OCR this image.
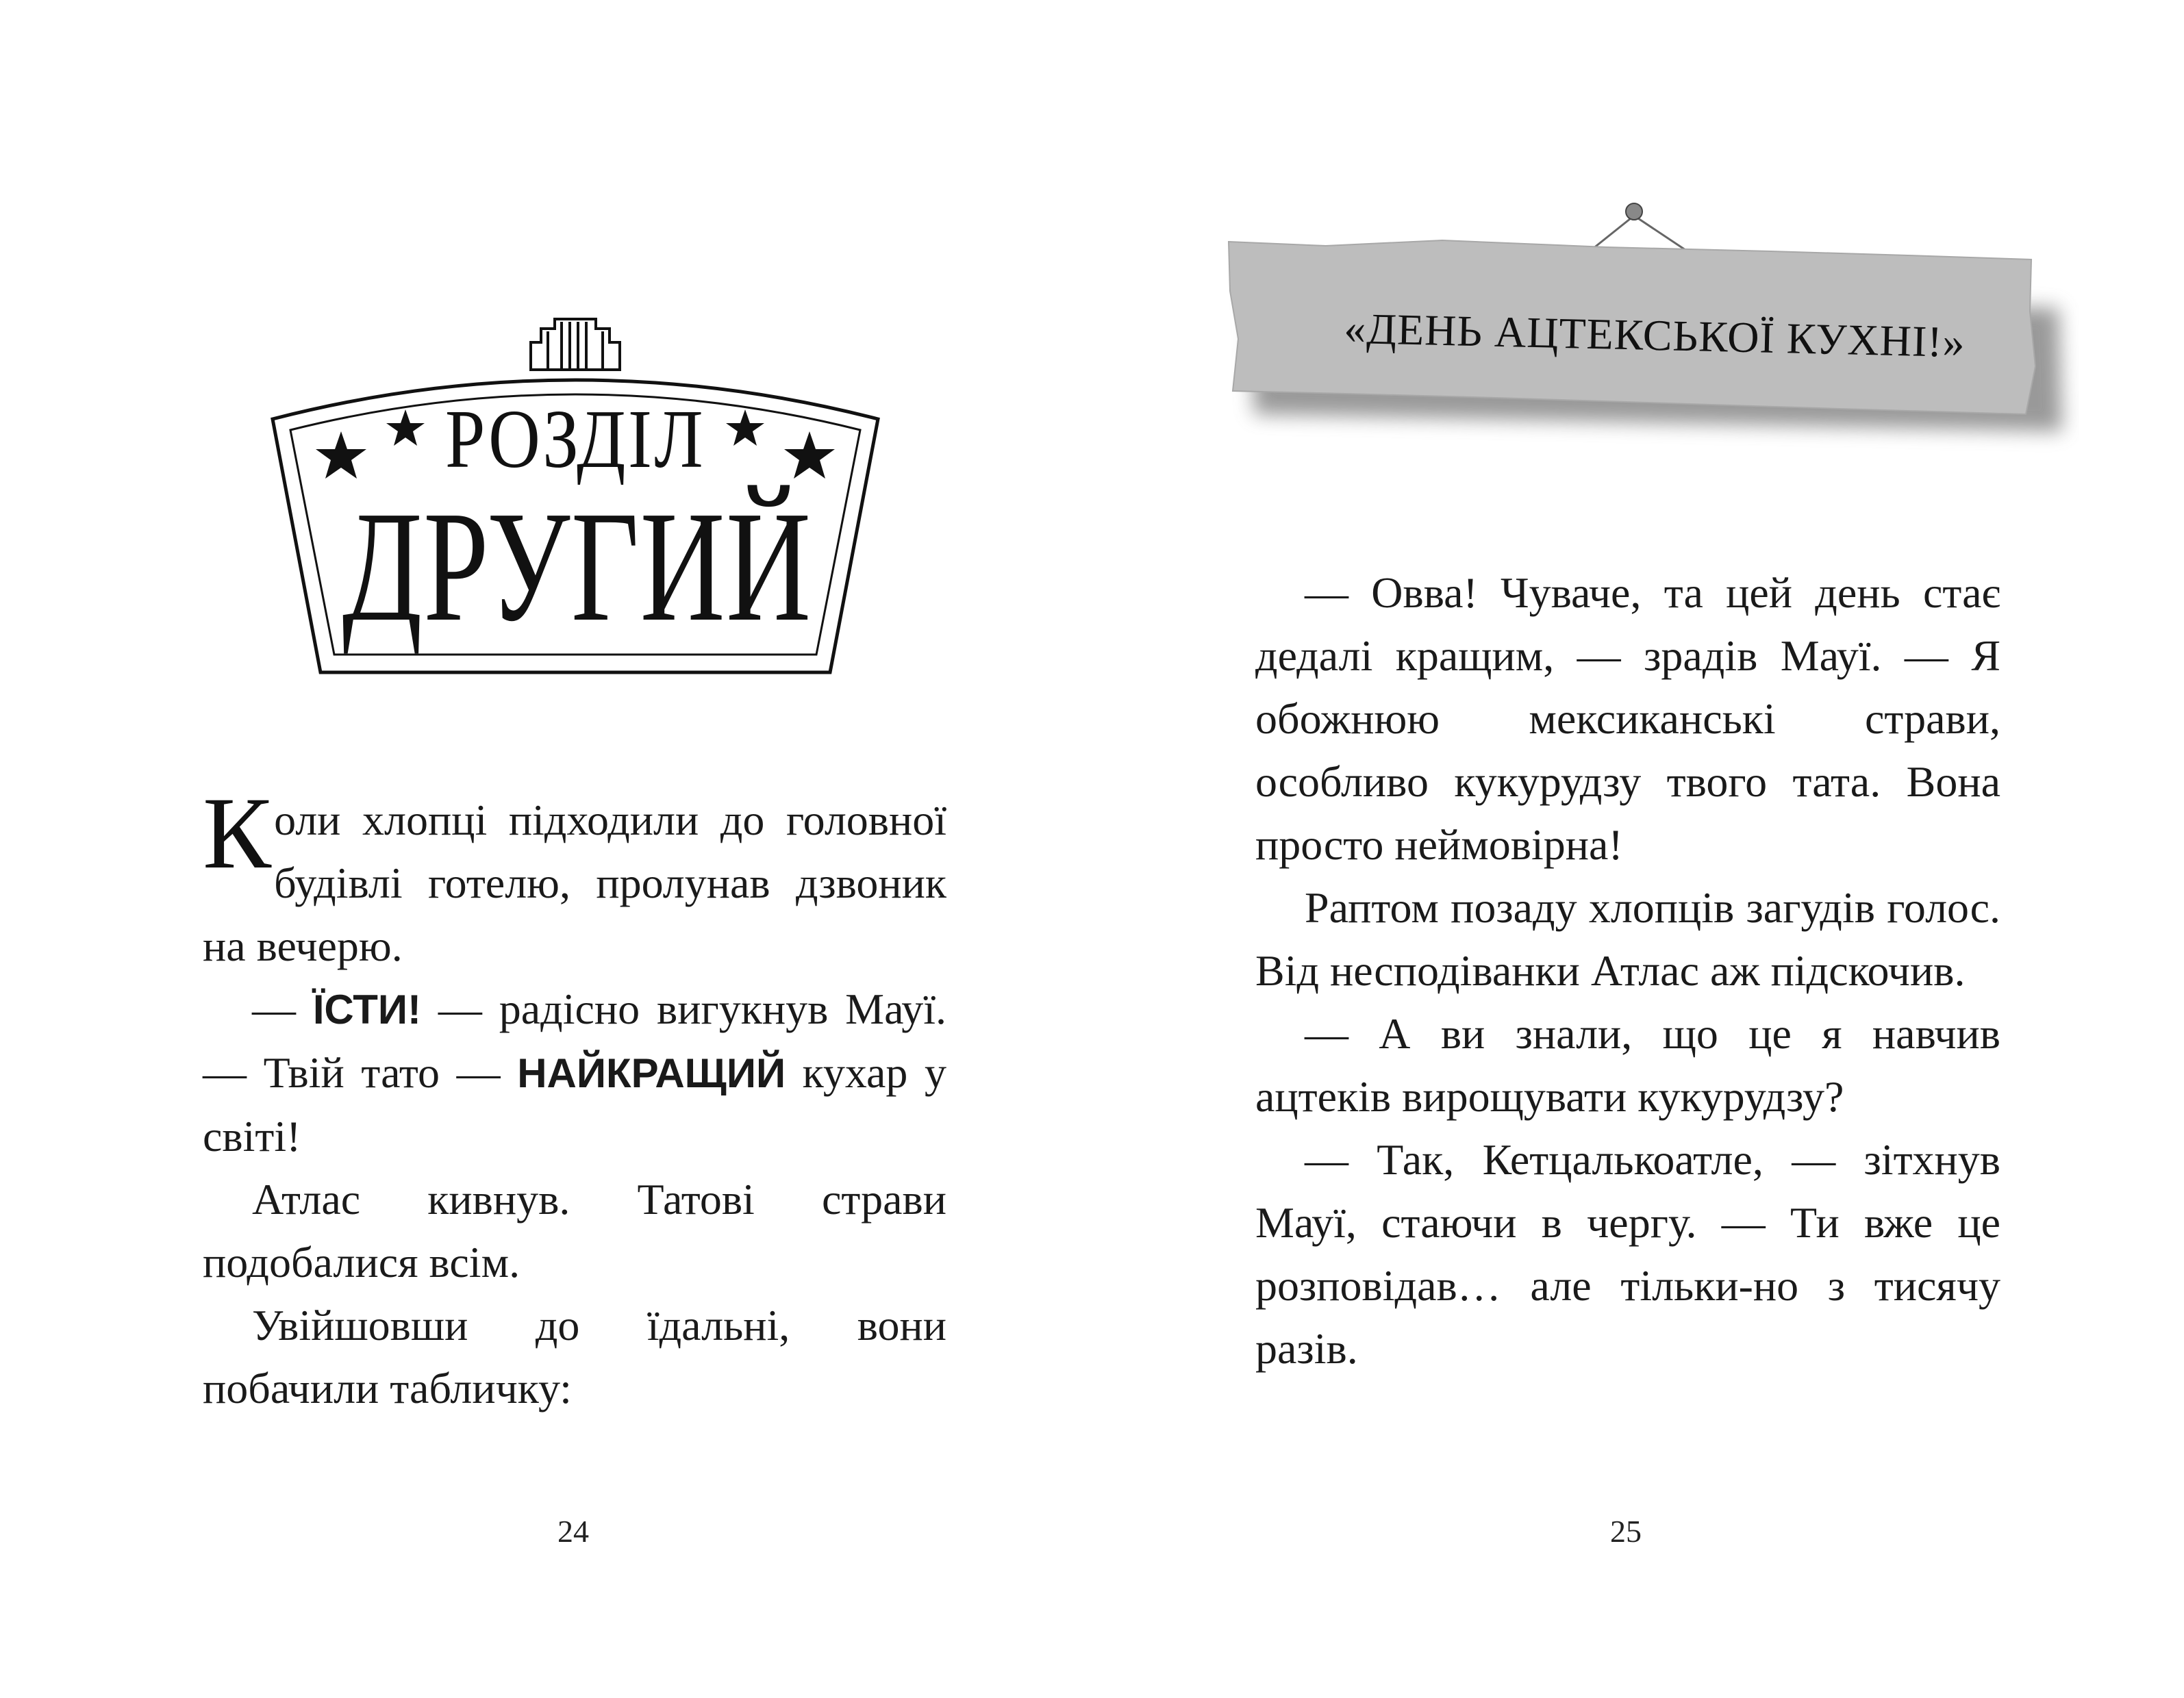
РОЗДІЛ
ДРУГИЙ

Коли хлопці підходили до головної будівлі готелю, пролунав дзвоник на вечерю.

— ЇСТИ! — радісно вигукнув Мауї. — Твій тато — НАЙКРАЩИЙ кухар у світі!

Атлас кивнув. Татові страви подобалися всім.

Увійшовши до їдальні, вони побачили табличку:

24	25
«ДЕНЬ АЦТЕКСЬКОЇ КУХНІ!»

— Овва! Чуваче, та цей день стає дедалі кращим, — зрадів Мауї. — Я обожнюю мексиканські страви, особливо кукурудзу твого тата. Вона просто неймовірна!

Раптом позаду хлопців загудів голос. Від несподіванки Атлас аж підскочив.

— А ви знали, що це я навчив ацтеків вирощувати кукурудзу?

— Так, Кетцалькоатле, — зітхнув Мауї, стаючи в чергу. — Ти вже це розповідав… але тільки-но з тисячу разів.
